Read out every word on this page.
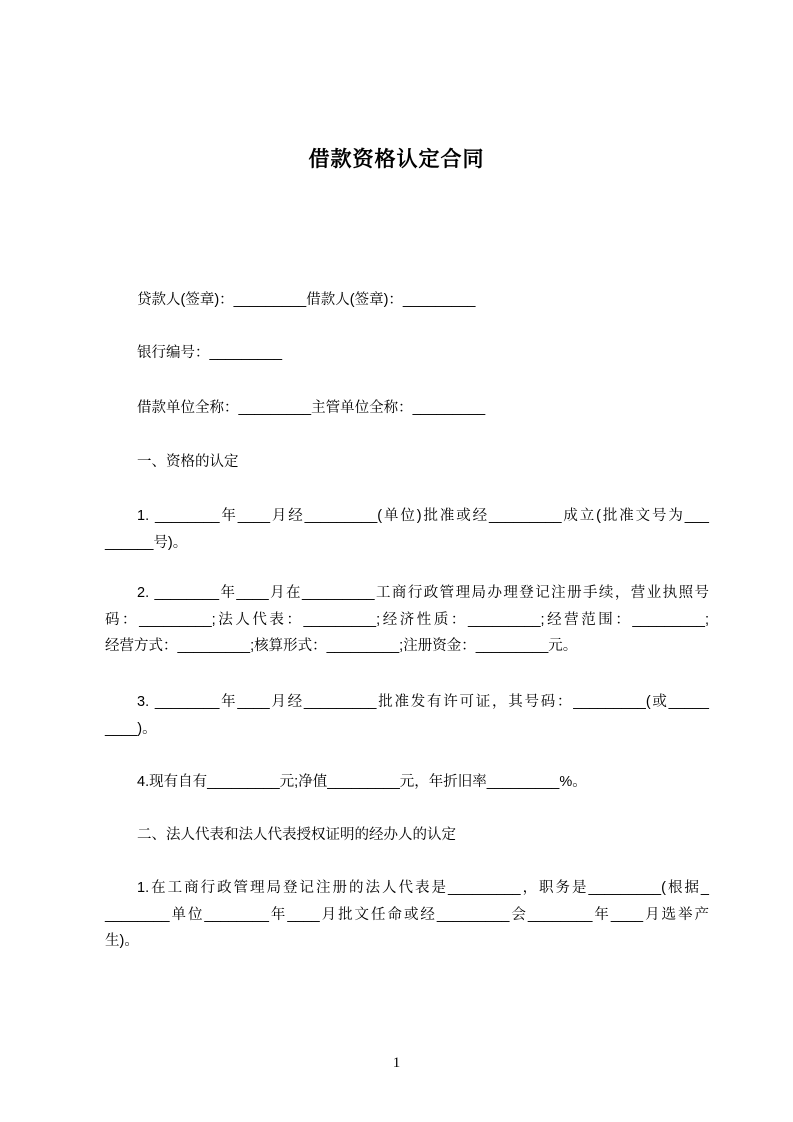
借款资格认定合同
贷款人(签章)：_________借款人(签章)：_________
银行编号：_________
借款单位全称：_________主管单位全称：_________
一、资格的认定
1. ________年____月经_________(单位)批准或经_________成立(批准文号为___
______号)。
2. ________年____月在_________工商行政管理局办理登记注册手续，营业执照号
码：_________;法人代表：_________;经济性质：_________;经营范围：_________;
经营方式：_________;核算形式：_________;注册资金：_________元。
3. ________年____月经_________批准发有许可证，其号码：_________(或_____
____)。
4.现有自有_________元;净值_________元，年折旧率_________%。
二、法人代表和法人代表授权证明的经办人的认定
1.在工商行政管理局登记注册的法人代表是_________，职务是_________(根据_
________单位________年____月批文任命或经_________会________年____月选举产
生)。
1
